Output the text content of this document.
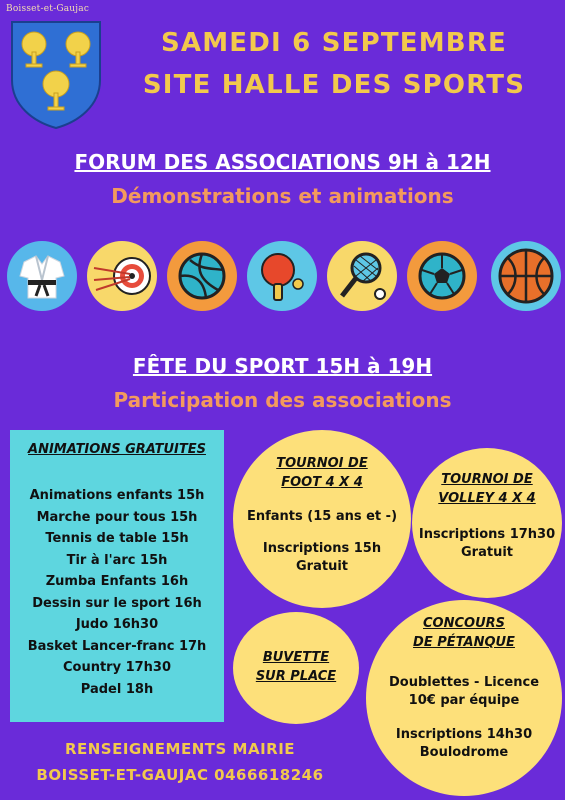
Boisset-et-Gaujac
SAMEDI 6 SEPTEMBRE
SITE HALLE DES SPORTS
FORUM DES ASSOCIATIONS 9H à 12H
Démonstrations et animations
FÊTE DU SPORT 15H à 19H
Participation des associations
ANIMATIONS GRATUITES
Animations enfants 15h
Marche pour tous 15h
Tennis de table 15h
Tir à l'arc 15h
Zumba Enfants 16h
Dessin sur le sport 16h
Judo 16h30
Basket Lancer-franc 17h
Country 17h30
Padel 18h
TOURNOI DE
FOOT 4 X 4
Enfants (15 ans et -)
Inscriptions 15h
Gratuit
TOURNOI DE
VOLLEY 4 X 4
Inscriptions 17h30
Gratuit
BUVETTE
SUR PLACE
CONCOURS
DE PÉTANQUE
Doublettes - Licence
10€ par équipe
Inscriptions 14h30
Boulodrome
RENSEIGNEMENTS MAIRIE
BOISSET-ET-GAUJAC 0466618246
